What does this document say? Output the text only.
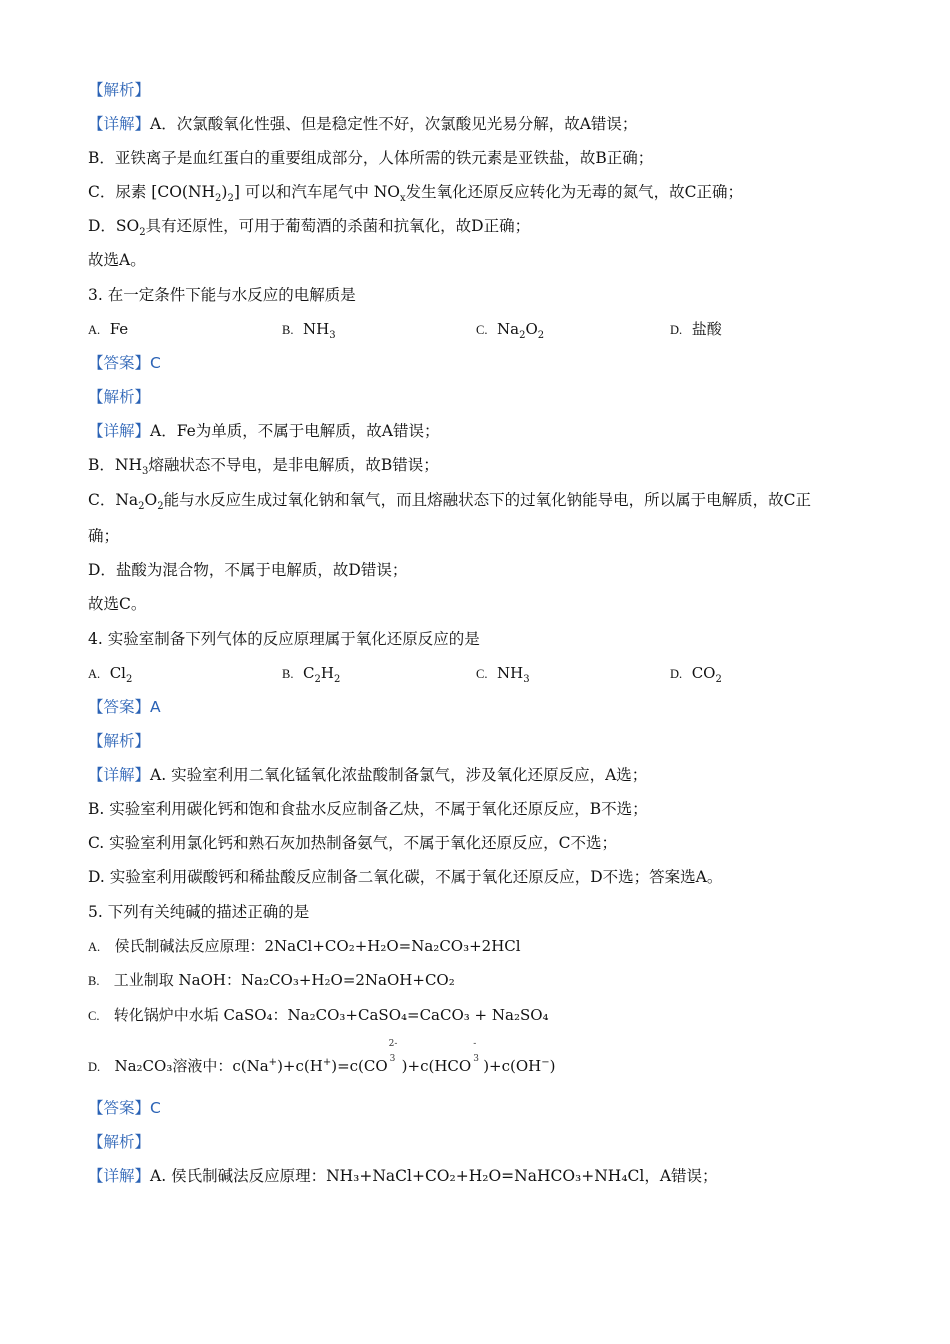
【解析】
【详解】A．次氯酸氧化性强、但是稳定性不好，次氯酸见光易分解，故A错误；
B．亚铁离子是血红蛋白的重要组成部分，人体所需的铁元素是亚铁盐，故B正确；
C．尿素 $[CO(NH_2)_2]$ 可以和汽车尾气中 $NO_x$发生氧化还原反应转化为无毒的氮气，故C正确；
D．$SO_2$具有还原性，可用于葡萄酒的杀菌和抗氧化，故D正确；
故选A。
3. 在一定条件下能与水反应的电解质是
A. Fe	B. $NH_3$	C. $Na_2O_2$	D. 盐酸
【答案】C
【解析】
【详解】A．Fe为单质，不属于电解质，故A错误；
B．$NH_3$熔融状态不导电，是非电解质，故B错误；
C．$Na_2O_2$能与水反应生成过氧化钠和氧气，而且熔融状态下的过氧化钠能导电，所以属于电解质，故C正
确；
D．盐酸为混合物，不属于电解质，故D错误；
故选C。
4. 实验室制备下列气体的反应原理属于氧化还原反应的是
A. $Cl_2$	B. $C_2H_2$	C. $NH_3$	D. $CO_2$
【答案】A
【解析】
【详解】A. 实验室利用二氧化锰氧化浓盐酸制备氯气，涉及氧化还原反应，A选；
B. 实验室利用碳化钙和饱和食盐水反应制备乙炔，不属于氧化还原反应，B不选；
C. 实验室利用氯化钙和熟石灰加热制备氨气，不属于氧化还原反应，C不选；
D. 实验室利用碳酸钙和稀盐酸反应制备二氧化碳，不属于氧化还原反应，D不选；答案选A。
5. 下列有关纯碱的描述正确的是
A. 侯氏制碱法反应原理：2NaCl+CO₂+H₂O=Na₂CO₃+2HCl
B. 工业制取 NaOH：Na₂CO₃+H₂O=2NaOH+CO₂
C. 转化锅炉中水垢 CaSO₄：Na₂CO₃+CaSO₄=CaCO₃ + Na₂SO₄
D. Na₂CO₃溶液中：c(Na+)+c(H+)=c(CO
2-
3 )+c(HCO
-
3 )+c(OH−)
【答案】C
【解析】
【详解】A. 侯氏制碱法反应原理：NH₃+NaCl+CO₂+H₂O=NaHCO₃+NH₄Cl，A错误；
